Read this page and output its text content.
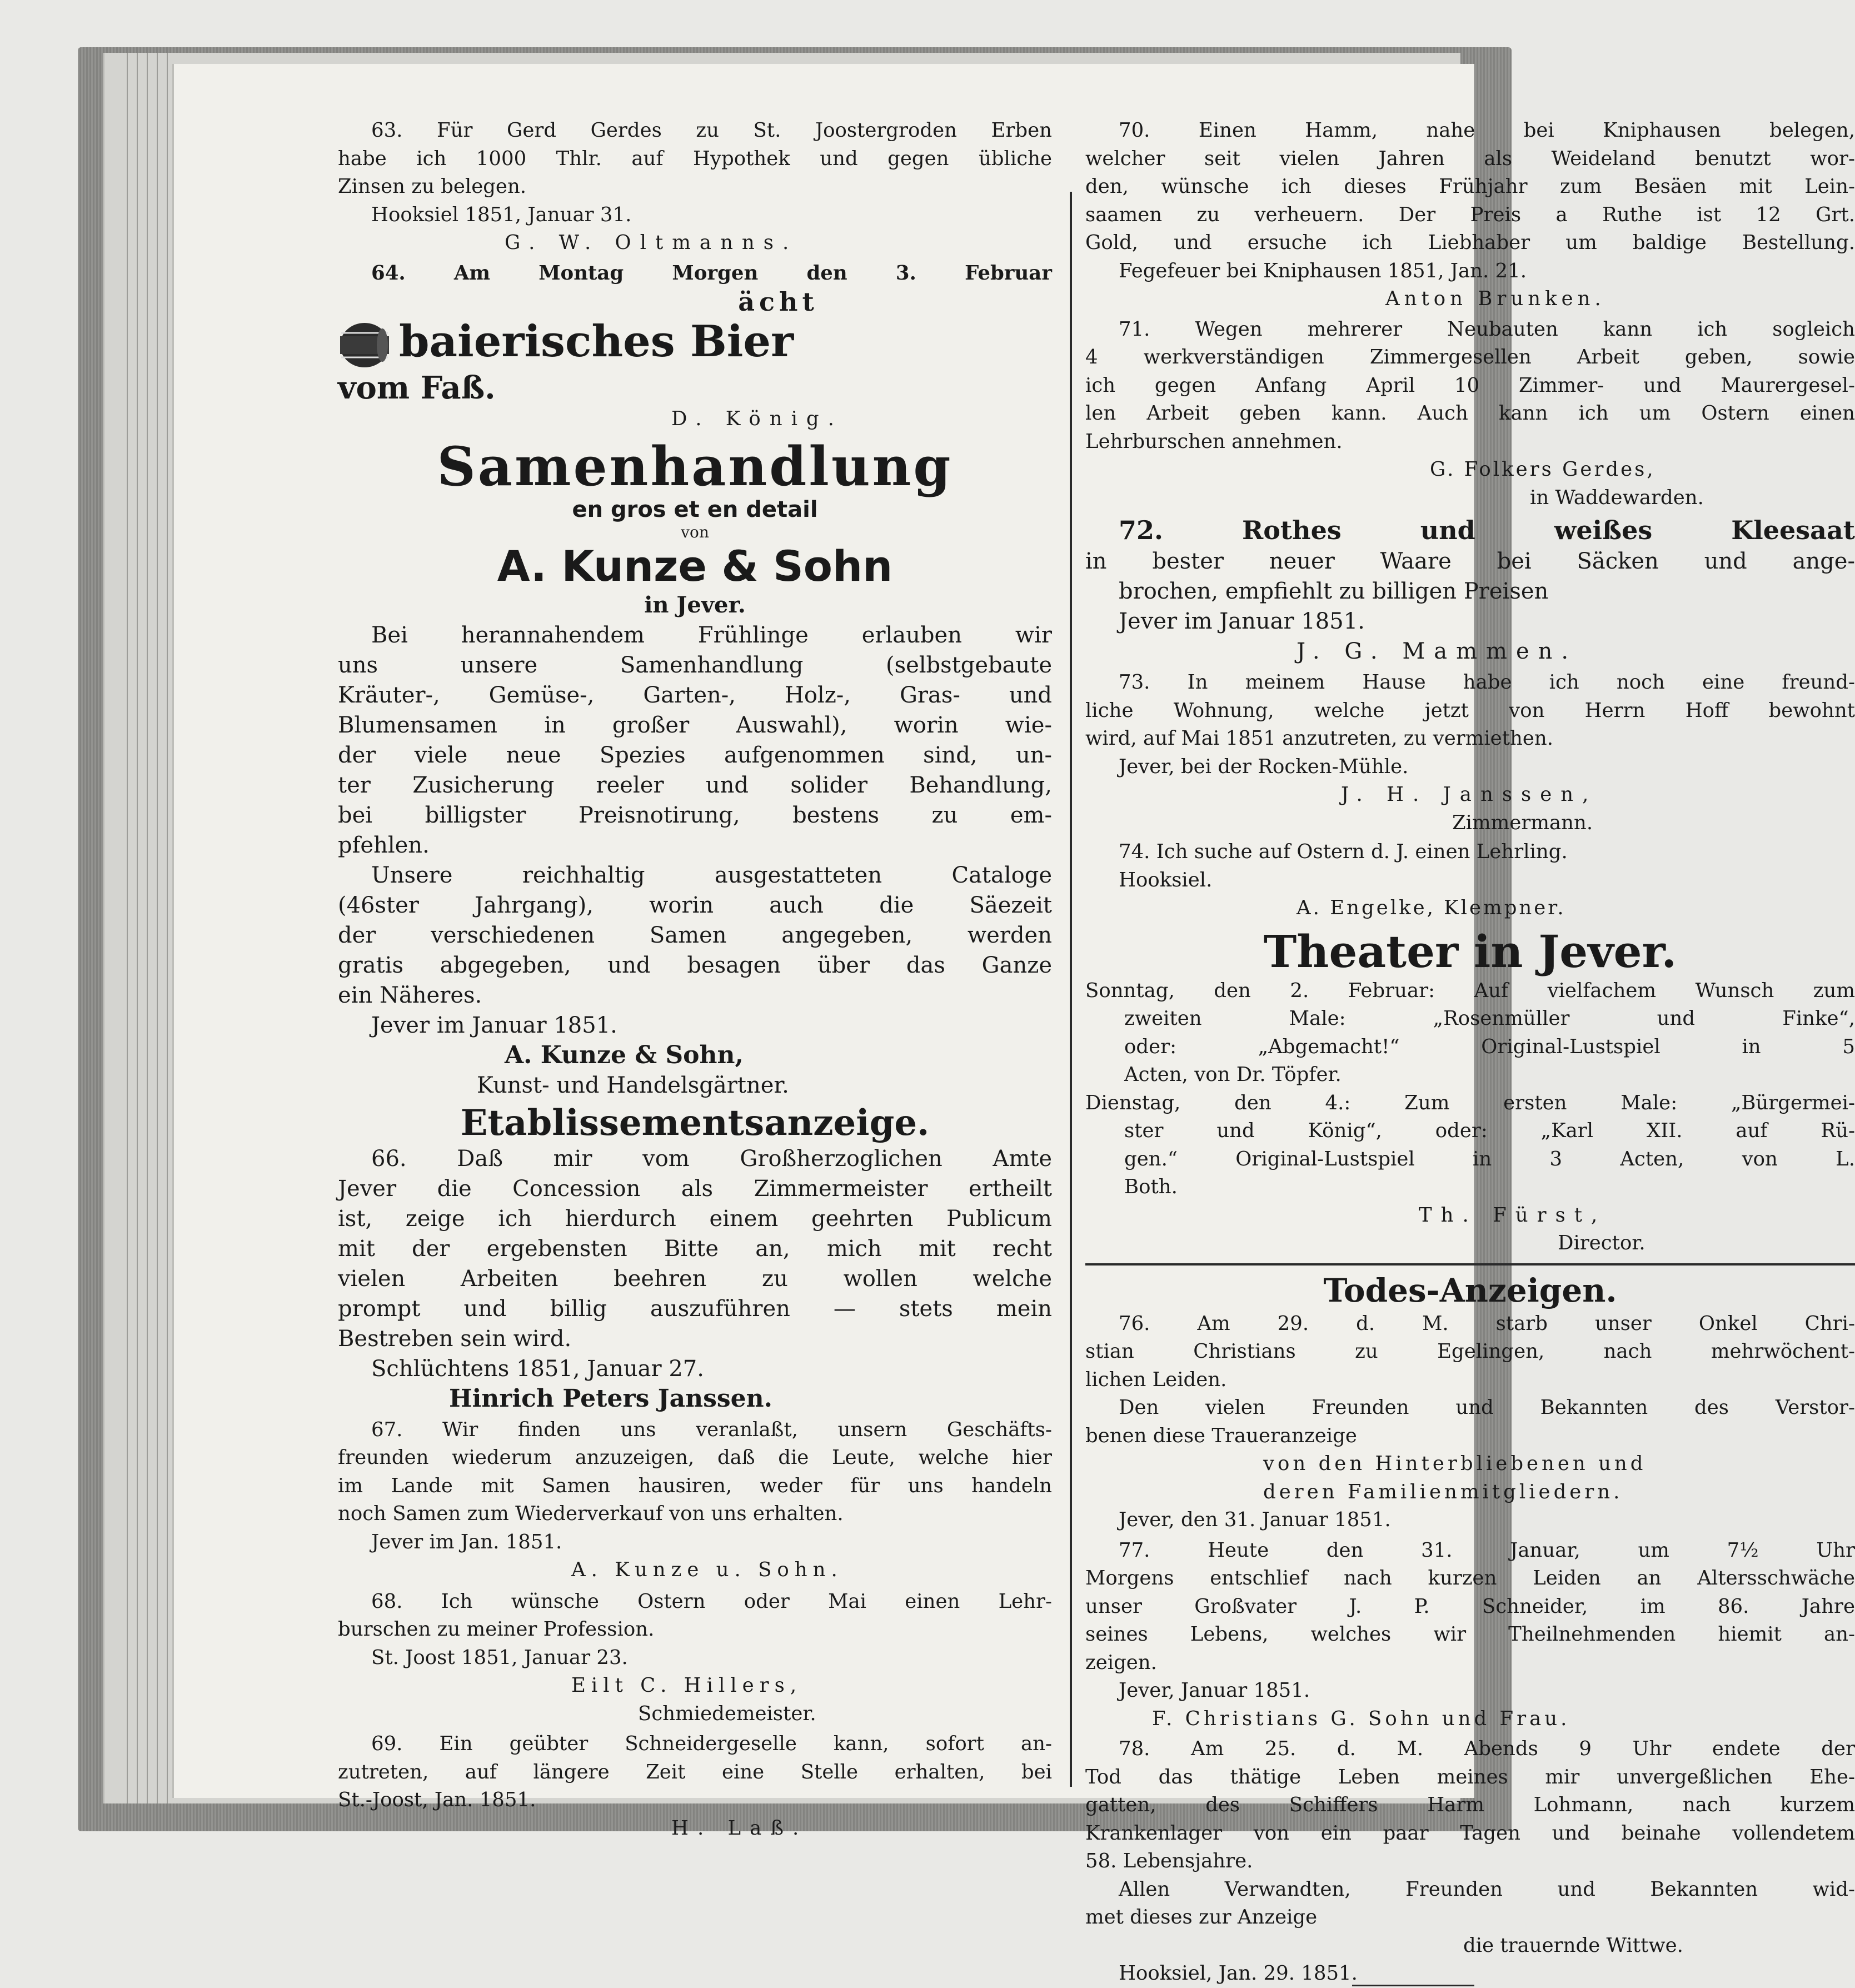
63. Für Gerd Gerdes zu St. Joostergroden Erben

habe ich 1000 Thlr. auf Hypothek und gegen übliche

Zinsen zu belegen.

Hooksiel 1851, Januar 31.

G. W. Oltmanns.

64. Am Montag Morgen den 3. Februar

ächt

baierisches Bier

vom Faß.

D. König.

Samenhandlung

en gros et en detail

von

A. Kunze & Sohn

in Jever.

Bei herannahendem Frühlinge erlauben wir

uns unsere Samenhandlung (selbstgebaute

Kräuter-, Gemüse-, Garten-, Holz-, Gras- und

Blumensamen in großer Auswahl), worin wie-

der viele neue Spezies aufgenommen sind, un-

ter Zusicherung reeler und solider Behandlung,

bei billigster Preisnotirung, bestens zu em-

pfehlen.

Unsere reichhaltig ausgestatteten Cataloge

(46ster Jahrgang), worin auch die Säezeit

der verschiedenen Samen angegeben, werden

gratis abgegeben, und besagen über das Ganze

ein Näheres.

Jever im Januar 1851.

A. Kunze & Sohn,

Kunst- und Handelsgärtner.

Etablissementsanzeige.

66. Daß mir vom Großherzoglichen Amte

Jever die Concession als Zimmermeister ertheilt

ist, zeige ich hierdurch einem geehrten Publicum

mit der ergebensten Bitte an, mich mit recht

vielen Arbeiten beehren zu wollen welche

prompt und billig auszuführen — stets mein

Bestreben sein wird.

Schlüchtens 1851, Januar 27.

Hinrich Peters Janssen.

67. Wir finden uns veranlaßt, unsern Geschäfts-

freunden wiederum anzuzeigen, daß die Leute, welche hier

im Lande mit Samen hausiren, weder für uns handeln

noch Samen zum Wiederverkauf von uns erhalten.

Jever im Jan. 1851.

A. Kunze u. Sohn.

68. Ich wünsche Ostern oder Mai einen Lehr-

burschen zu meiner Profession.

St. Joost 1851, Januar 23.

Eilt C. Hillers,

Schmiedemeister.

69. Ein geübter Schneidergeselle kann, sofort an-

zutreten, auf längere Zeit eine Stelle erhalten, bei

St.-Joost, Jan. 1851.

H. Laß.

70. Einen Hamm, nahe bei Kniphausen belegen,

welcher seit vielen Jahren als Weideland benutzt wor-

den, wünsche ich dieses Frühjahr zum Besäen mit Lein-

saamen zu verheuern. Der Preis a Ruthe ist 12 Grt.

Gold, und ersuche ich Liebhaber um baldige Bestellung.

Fegefeuer bei Kniphausen 1851, Jan. 21.

Anton Brunken.

71. Wegen mehrerer Neubauten kann ich sogleich

4 werkverständigen Zimmergesellen Arbeit geben, sowie

ich gegen Anfang April 10 Zimmer- und Maurergesel-

len Arbeit geben kann. Auch kann ich um Ostern einen

Lehrburschen annehmen.

G. Folkers Gerdes,

in Waddewarden.

72. Rothes und weißes Kleesaat

in bester neuer Waare bei Säcken und ange-

brochen, empfiehlt zu billigen Preisen

Jever im Januar 1851.

J. G. Mammen.

73. In meinem Hause habe ich noch eine freund-

liche Wohnung, welche jetzt von Herrn Hoff bewohnt

wird, auf Mai 1851 anzutreten, zu vermiethen.

Jever, bei der Rocken-Mühle.

J. H. Janssen,

Zimmermann.

74. Ich suche auf Ostern d. J. einen Lehrling.

Hooksiel.

A. Engelke, Klempner.

Theater in Jever.

Sonntag, den 2. Februar: Auf vielfachem Wunsch zum

zweiten Male: „Rosenmüller und Finke“,

oder: „Abgemacht!“ Original-Lustspiel in 5

Acten, von Dr. Töpfer.

Dienstag, den 4.: Zum ersten Male: „Bürgermei-

ster und König“, oder: „Karl XII. auf Rü-

gen.“ Original-Lustspiel in 3 Acten, von L.

Both.

Th. Fürst,

Director.

Todes-Anzeigen.

76. Am 29. d. M. starb unser Onkel Chri-

stian Christians zu Egelingen, nach mehrwöchent-

lichen Leiden.

Den vielen Freunden und Bekannten des Verstor-

benen diese Traueranzeige

von den Hinterbliebenen und

deren Familienmitgliedern.

Jever, den 31. Januar 1851.

77. Heute den 31. Januar, um 7½ Uhr

Morgens entschlief nach kurzen Leiden an Altersschwäche

unser Großvater J. P. Schneider, im 86. Jahre

seines Lebens, welches wir Theilnehmenden hiemit an-

zeigen.

Jever, Januar 1851.

F. Christians G. Sohn und Frau.

78. Am 25. d. M. Abends 9 Uhr endete der

Tod das thätige Leben meines mir unvergeßlichen Ehe-

gatten, des Schiffers Harm Lohmann, nach kurzem

Krankenlager von ein paar Tagen und beinahe vollendetem

58. Lebensjahre.

Allen Verwandten, Freunden und Bekannten wid-

met dieses zur Anzeige

die trauernde Wittwe.

Hooksiel, Jan. 29. 1851.
